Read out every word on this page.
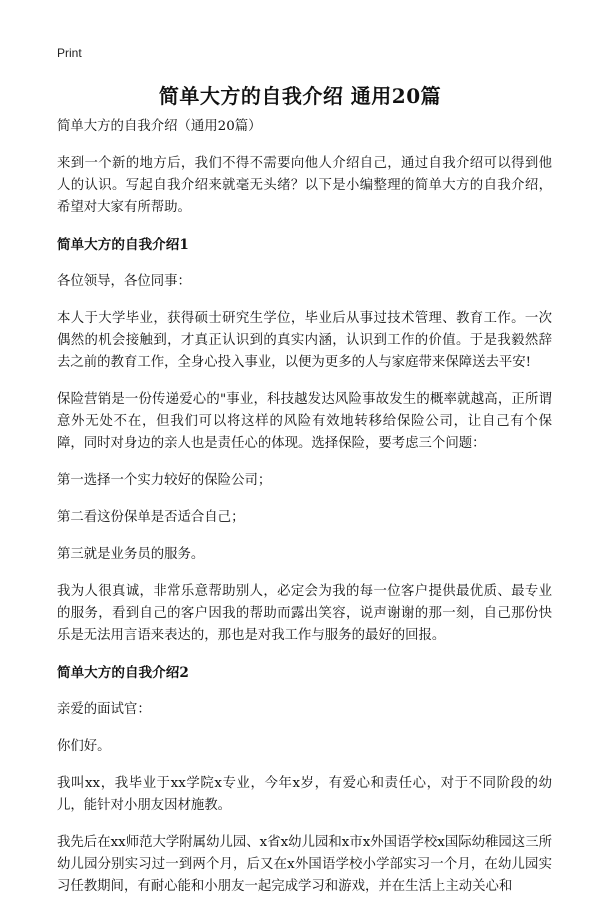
Print
简单大方的自我介绍 通用20篇

简单大方的自我介绍（通用20篇）

来到一个新的地方后，我们不得不需要向他人介绍自己，通过自我介绍可以得到他人的认识。写起自我介绍来就毫无头绪？以下是小编整理的简单大方的自我介绍，希望对大家有所帮助。

简单大方的自我介绍1

各位领导，各位同事：

本人于大学毕业，获得硕士研究生学位，毕业后从事过技术管理、教育工作。一次偶然的机会接触到，才真正认识到的真实内涵，认识到工作的价值。于是我毅然辞去之前的教育工作，全身心投入事业，以便为更多的人与家庭带来保障送去平安!

保险营销是一份传递爱心的"事业，科技越发达风险事故发生的概率就越高，正所谓意外无处不在，但我们可以将这样的风险有效地转移给保险公司，让自己有个保障，同时对身边的亲人也是责任心的体现。选择保险，要考虑三个问题：

第一选择一个实力较好的保险公司；

第二看这份保单是否适合自己；

第三就是业务员的服务。

我为人很真诚，非常乐意帮助别人，必定会为我的每一位客户提供最优质、最专业的服务，看到自己的客户因我的帮助而露出笑容，说声谢谢的那一刻，自己那份快乐是无法用言语来表达的，那也是对我工作与服务的最好的回报。

简单大方的自我介绍2

亲爱的面试官：

你们好。

我叫xx，我毕业于xx学院x专业，今年x岁，有爱心和责任心，对于不同阶段的幼儿，能针对小朋友因材施教。

我先后在xx师范大学附属幼儿园、x省x幼儿园和x市x外国语学校x国际幼稚园这三所幼儿园分别实习过一到两个月，后又在x外国语学校小学部实习一个月，在幼儿园实习任教期间，有耐心能和小朋友一起完成学习和游戏，并在生活上主动关心和
